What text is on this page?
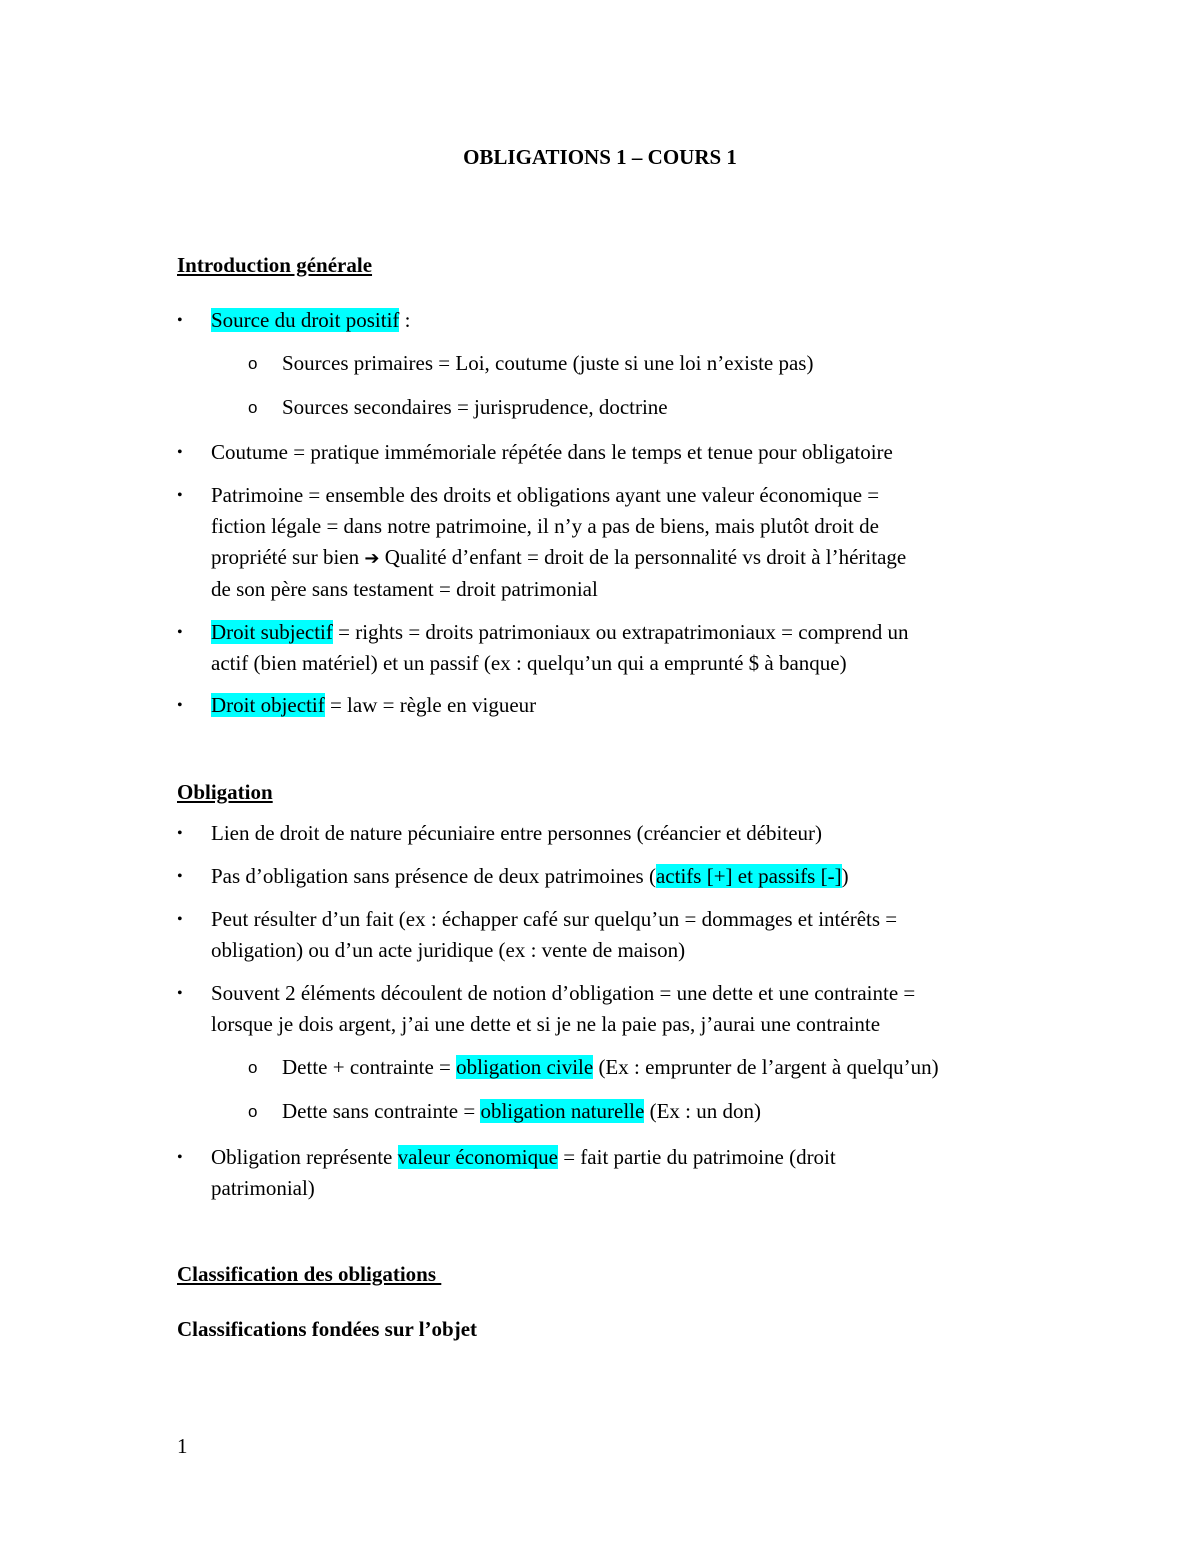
OBLIGATIONS 1 – COURS 1
Introduction générale
•	Source du droit positif :
o	Sources primaires = Loi, coutume (juste si une loi n’existe pas)
o	Sources secondaires = jurisprudence, doctrine
•	Coutume = pratique immémoriale répétée dans le temps et tenue pour obligatoire
•	Patrimoine = ensemble des droits et obligations ayant une valeur économique =
fiction légale = dans notre patrimoine, il n’y a pas de biens, mais plutôt droit de
propriété sur bien ➔ Qualité d’enfant = droit de la personnalité vs droit à l’héritage
de son père sans testament = droit patrimonial
•	Droit subjectif = rights = droits patrimoniaux ou extrapatrimoniaux = comprend un
actif (bien matériel) et un passif (ex : quelqu’un qui a emprunté $ à banque)
•	Droit objectif = law = règle en vigueur
Obligation
•	Lien de droit de nature pécuniaire entre personnes (créancier et débiteur)
•	Pas d’obligation sans présence de deux patrimoines (actifs [+] et passifs [-])
•	Peut résulter d’un fait (ex : échapper café sur quelqu’un = dommages et intérêts =
obligation) ou d’un acte juridique (ex : vente de maison)
•	Souvent 2 éléments découlent de notion d’obligation = une dette et une contrainte =
lorsque je dois argent, j’ai une dette et si je ne la paie pas, j’aurai une contrainte
o	Dette + contrainte = obligation civile (Ex : emprunter de l’argent à quelqu’un)
o	Dette sans contrainte = obligation naturelle (Ex : un don)
•	Obligation représente valeur économique = fait partie du patrimoine (droit
patrimonial)
Classification des obligations
Classifications fondées sur l’objet
1
